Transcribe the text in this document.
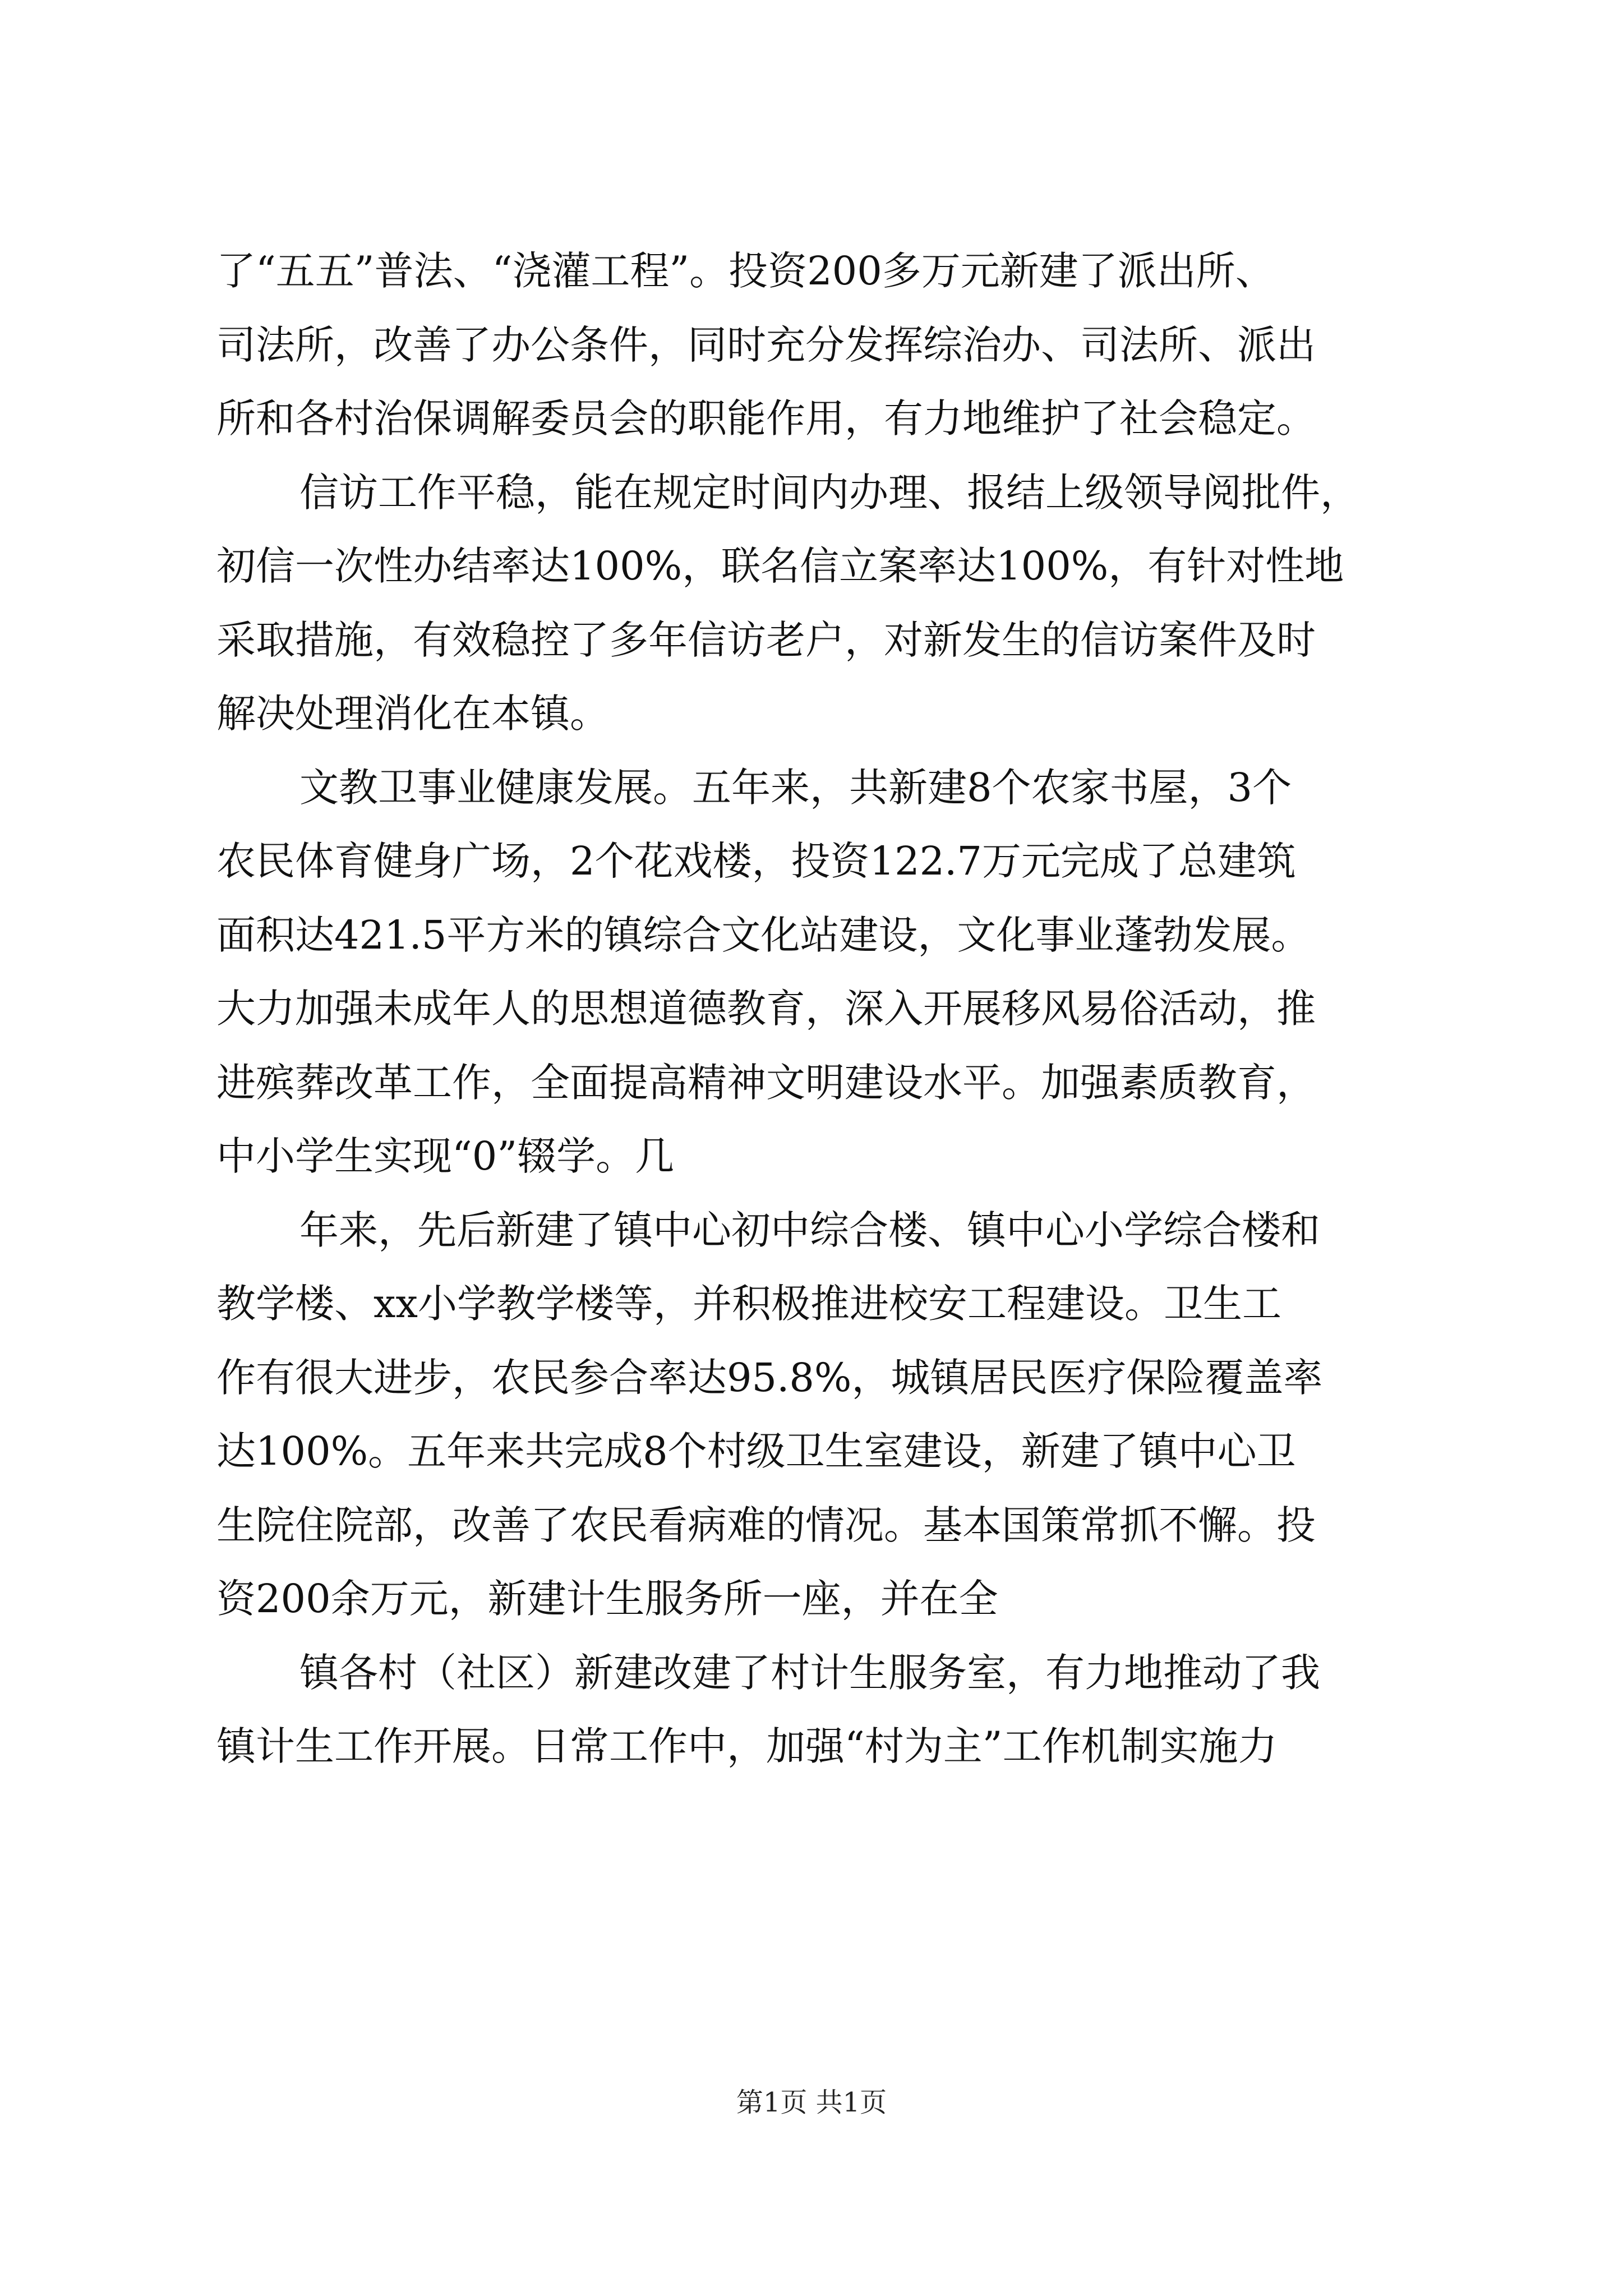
了“五五”普法、“浇灌工程”。投资200多万元新建了派出所、
司法所，改善了办公条件，同时充分发挥综治办、司法所、派出
所和各村治保调解委员会的职能作用，有力地维护了社会稳定。
信访工作平稳，能在规定时间内办理、报结上级领导阅批件，
初信一次性办结率达100%，联名信立案率达100%，有针对性地
采取措施，有效稳控了多年信访老户，对新发生的信访案件及时
解决处理消化在本镇。
文教卫事业健康发展。五年来，共新建8个农家书屋，3个
农民体育健身广场，2个花戏楼，投资122.7万元完成了总建筑
面积达421.5平方米的镇综合文化站建设，文化事业蓬勃发展。
大力加强未成年人的思想道德教育，深入开展移风易俗活动，推
进殡葬改革工作，全面提高精神文明建设水平。加强素质教育，
中小学生实现“0”辍学。几
年来，先后新建了镇中心初中综合楼、镇中心小学综合楼和
教学楼、xx小学教学楼等，并积极推进校安工程建设。卫生工
作有很大进步，农民参合率达95.8%，城镇居民医疗保险覆盖率
达100%。五年来共完成8个村级卫生室建设，新建了镇中心卫
生院住院部，改善了农民看病难的情况。基本国策常抓不懈。投
资200余万元，新建计生服务所一座，并在全
镇各村（社区）新建改建了村计生服务室，有力地推动了我
镇计生工作开展。日常工作中，加强“村为主”工作机制实施力
第1页 共1页
